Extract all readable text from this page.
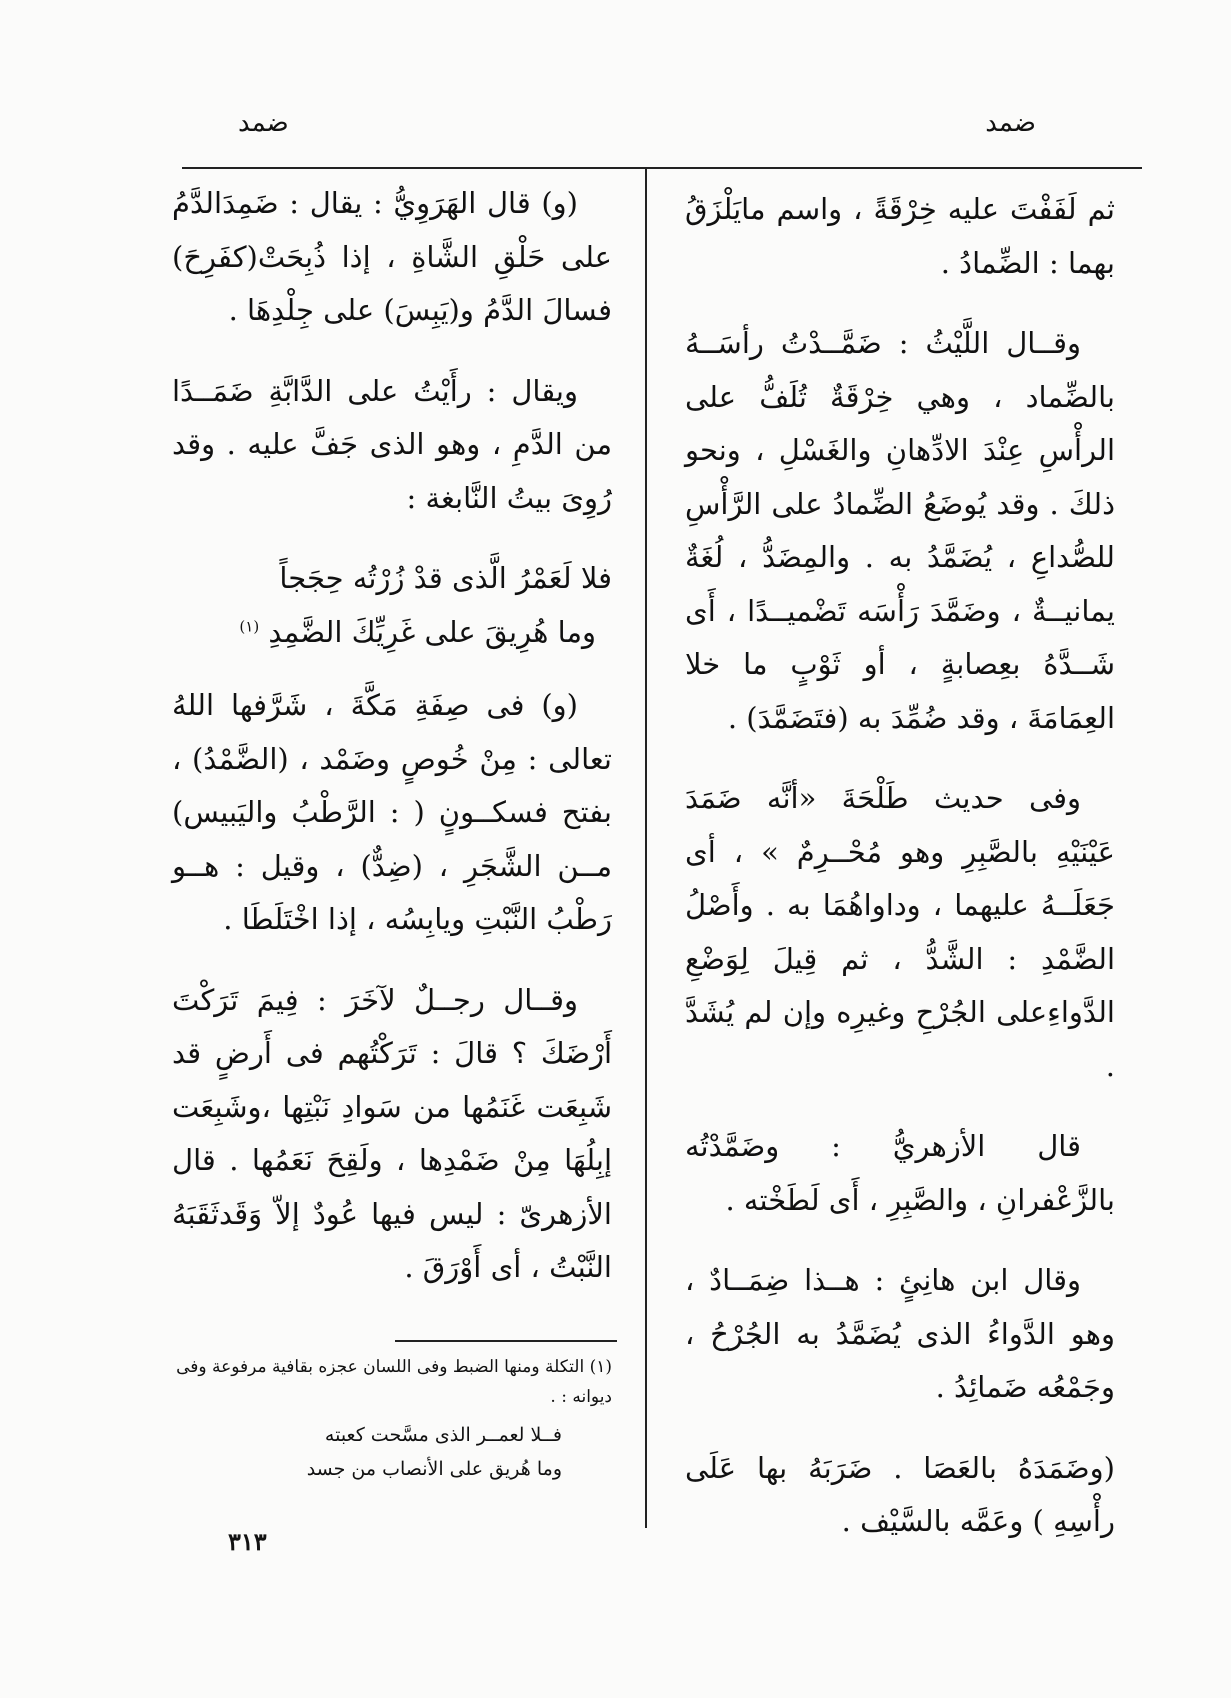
ضمد
ضمد

ثم لَفَفْتَ عليه خِرْقَةً ، واسم مايَلْزَقُ بهما : الضِّمادُ .

وقــال اللَّيْثُ : ضَمَّــدْتُ رأسَــهُ بالضِّماد ، وهي خِرْقَةٌ تُلَفُّ على الرأْسِ عِنْدَ الادِّهانِ والغَسْلِ ، ونحو ذلكَ . وقد يُوضَعُ الضِّمادُ على الرَّأْسِ للصُّداعِ ، يُضَمَّدُ به . والمِضَدُّ ، لُغَةٌ يمانيــةٌ ، وضَمَّدَ رَأْسَه تَضْميــدًا ، أَى شَــدَّهُ بعِصابةٍ ، أو ثَوْبٍ ما خلا العِمَامَةَ ، وقد ضُمِّدَ به (فتَضَمَّدَ) .

وفى حديث طَلْحَةَ «أنَّه ضَمَدَ عَيْنَيْهِ بالصَّبِرِ وهو مُحْــرِمٌ » ، أى جَعَلَــهُ عليهما ، وداواهُمَا به . وأَصْلُ الضَّمْدِ : الشَّدُّ ، ثم قِيلَ لِوَضْعِ الدَّواءِعلى الجُرْحِ وغيرِه وإن لم يُشَدَّ .

قال الأزهريُّ : وضَمَّدْتُه بالزَّعْفرانِ ، والصَّبِرِ ، أَى لَطَخْته .

وقال ابن هانِئٍ : هــذا ضِمَــادٌ ، وهو الدَّواءُ الذى يُضَمَّدُ به الجُرْحُ ، وجَمْعُه ضَمائِدُ .

(وضَمَدَهُ بالعَصَا . ضَرَبَهُ بها عَلَى رأْسِهِ ) وعَمَّه بالسَّيْف .

(و) قال الهَرَوِيُّ : يقال : ضَمِدَالدَّمُ على حَلْقِ الشَّاةِ ، إذا ذُبِحَتْ(كفَرِحَ) فسالَ الدَّمُ و(يَبِسَ) على جِلْدِهَا .

ويقال : رأَيْتُ على الدَّابَّةِ ضَمَــدًا من الدَّمِ ، وهو الذى جَفَّ عليه . وقد رُوِىَ بيتُ النَّابغة :

فلا لَعَمْرُ الَّذى قدْ زُرْتُه حِجَجاً
وما هُرِيقَ على غَرِيِّكَ الضَّمِدِ $^{(١)}$

(و) فى صِفَةِ مَكَّةَ ، شَرَّفها اللهُ تعالى : مِنْ خُوصٍ وضَمْد ، (الضَّمْدُ) ، بفتح فسكــونٍ ( : الرَّطْبُ واليَبيس) مــن الشَّجَرِ ، (ضِدٌّ) ، وقيل : هــو رَطْبُ النَّبْتِ ويابِسُه ، إذا اخْتَلَطَا .

وقــال رجــلٌ لآخَرَ : فِيمَ تَرَكْتَ أَرْضَكَ ؟ قالَ : تَرَكْتُهم فى أَرضٍ قد شَبِعَت غَنَمُها من سَوادِ نَبْتِها ،وشَبِعَت إبِلُهَا مِنْ ضَمْدِها ، ولَقِحَ نَعَمُها . قال الأزهرىّ : ليس فيها عُودٌ إلاّ وَقَدثَقَبَهُ النَّبْتُ ، أى أَوْرَقَ .

(١) التكلة ومنها الضبط وفى اللسان عجزه بقافية مرفوعة وفى ديوانه : .

فــلا لعمــر الذى مسَّحت كعبته
وما هُريق على الأنصاب من جسد
٣١٣
